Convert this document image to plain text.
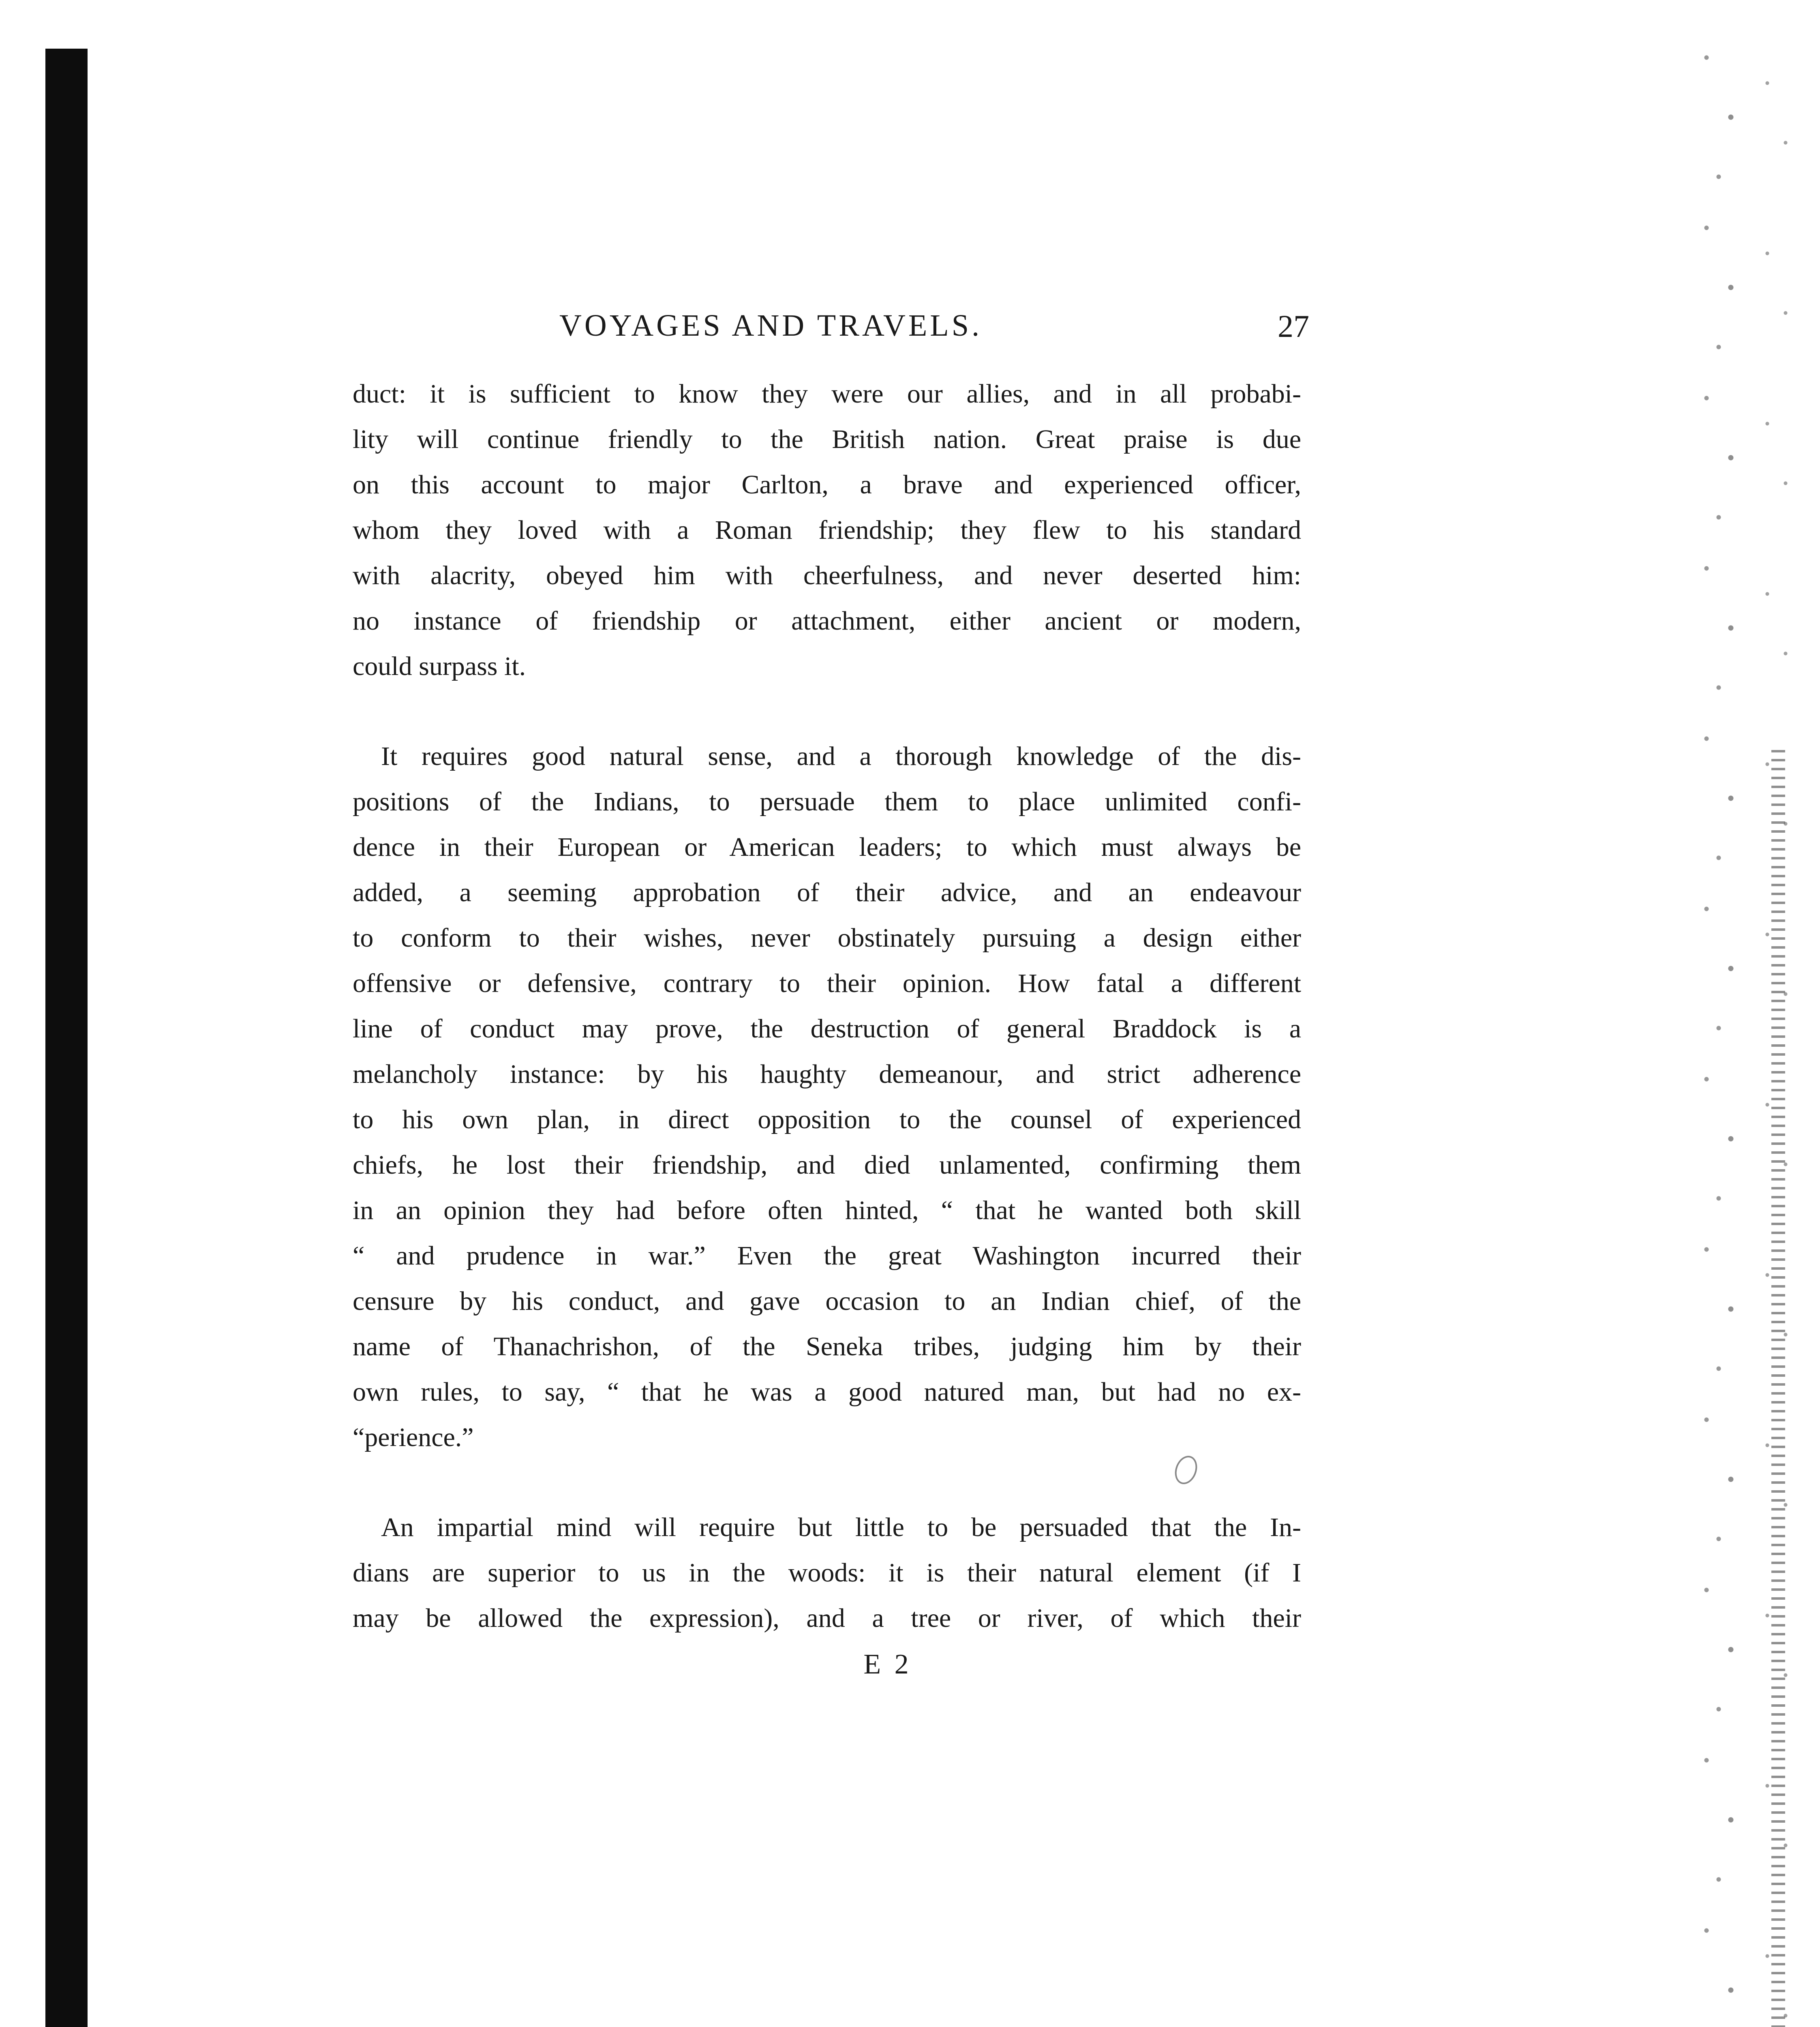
VOYAGES AND TRAVELS.	27
duct: it is sufficient to know they were our allies, and in all probabi-
lity will continue friendly to the British nation. Great praise is due
on this account to major Carlton, a brave and experienced officer,
whom they loved with a Roman friendship; they flew to his standard
with alacrity, obeyed him with cheerfulness, and never deserted him:
no instance of friendship or attachment, either ancient or modern,
could surpass it.
It requires good natural sense, and a thorough knowledge of the dis-
positions of the Indians, to persuade them to place unlimited confi-
dence in their European or American leaders; to which must always be
added, a seeming approbation of their advice, and an endeavour
to conform to their wishes, never obstinately pursuing a design either
offensive or defensive, contrary to their opinion. How fatal a different
line of conduct may prove, the destruction of general Braddock is a
melancholy instance: by his haughty demeanour, and strict adherence
to his own plan, in direct opposition to the counsel of experienced
chiefs, he lost their friendship, and died unlamented, confirming them
in an opinion they had before often hinted, “ that he wanted both skill
“ and prudence in war.” Even the great Washington incurred their
censure by his conduct, and gave occasion to an Indian chief, of the
name of Thanachrishon, of the Seneka tribes, judging him by their
own rules, to say, “ that he was a good natured man, but had no ex-
“perience.”
An impartial mind will require but little to be persuaded that the In-
dians are superior to us in the woods: it is their natural element (if I
may be allowed the expression), and a tree or river, of which their
E 2
